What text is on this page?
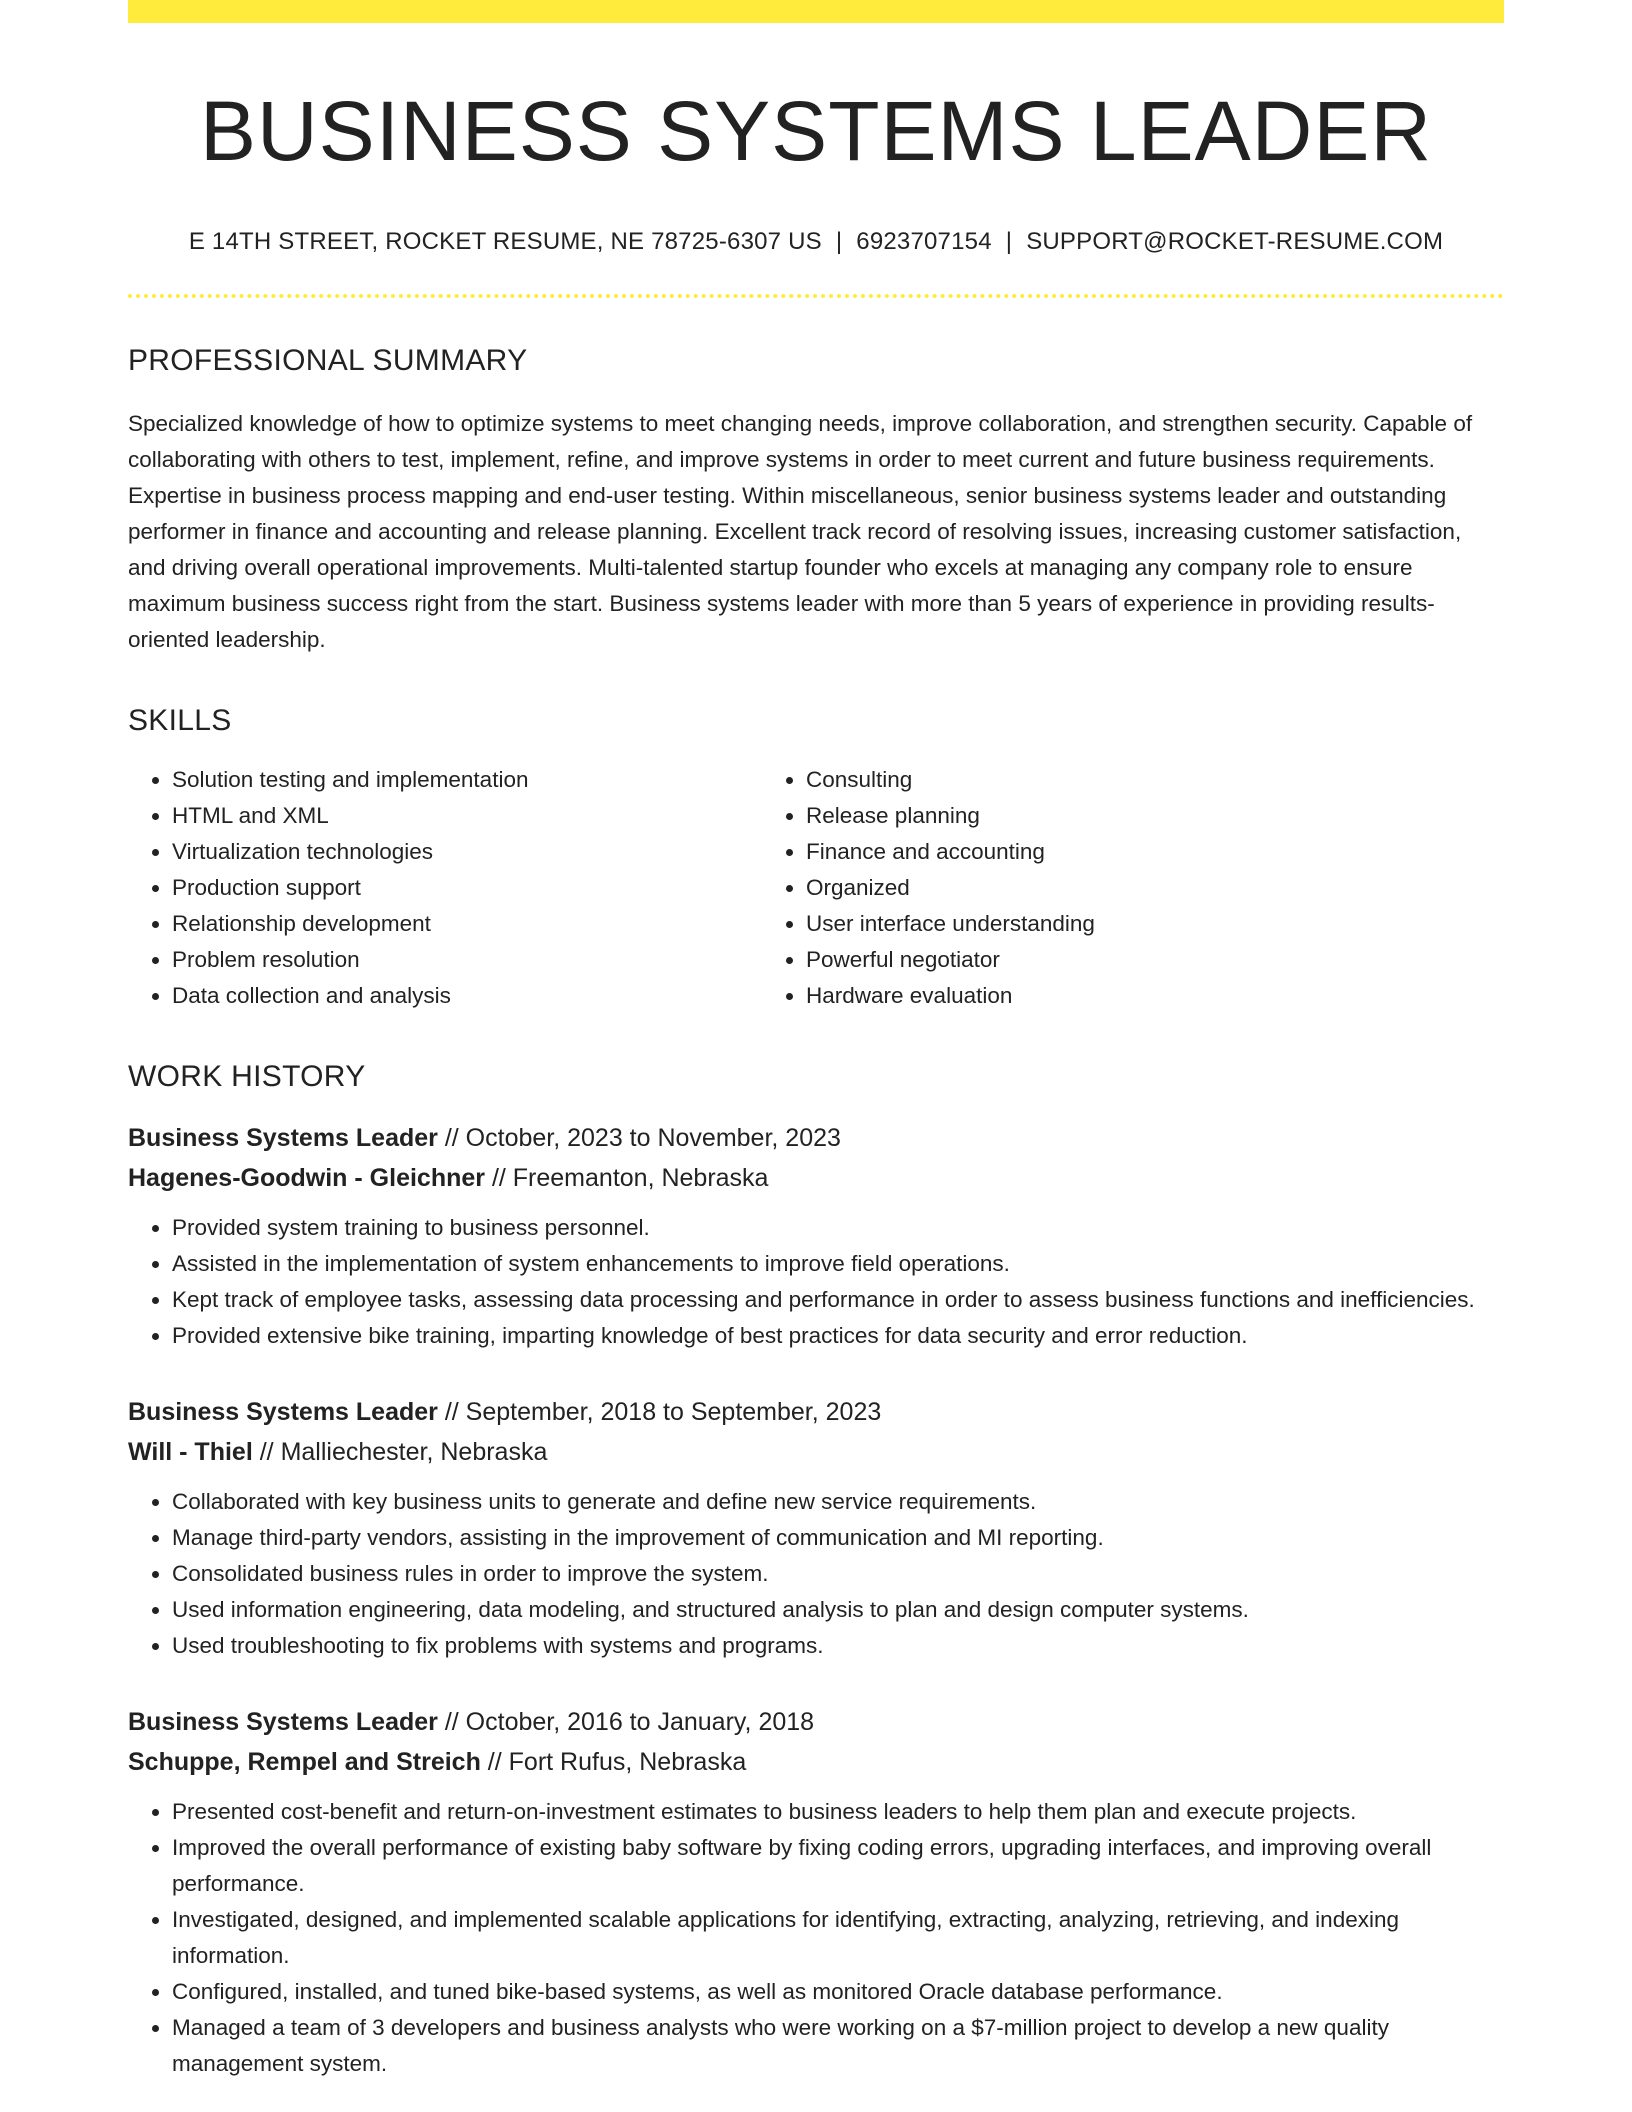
BUSINESS SYSTEMS LEADER
E 14TH STREET, ROCKET RESUME, NE 78725-6307 US | 6923707154 | SUPPORT@ROCKET-RESUME.COM
PROFESSIONAL SUMMARY

Specialized knowledge of how to optimize systems to meet changing needs, improve collaboration, and strengthen security. Capable of collaborating with others to test, implement, refine, and improve systems in order to meet current and future business requirements. Expertise in business process mapping and end-user testing. Within miscellaneous, senior business systems leader and outstanding performer in finance and accounting and release planning. Excellent track record of resolving issues, increasing customer satisfaction, and driving overall operational improvements. Multi-talented startup founder who excels at managing any company role to ensure maximum business success right from the start. Business systems leader with more than 5 years of experience in providing results-oriented leadership.

SKILLS
• Solution testing and implementation
• HTML and XML
• Virtualization technologies
• Production support
• Relationship development
• Problem resolution
• Data collection and analysis
• Consulting
• Release planning
• Finance and accounting
• Organized
• User interface understanding
• Powerful negotiator
• Hardware evaluation
WORK HISTORY
Business Systems Leader // October, 2023 to November, 2023
Hagenes-Goodwin - Gleichner // Freemanton, Nebraska
• Provided system training to business personnel.
• Assisted in the implementation of system enhancements to improve field operations.
• Kept track of employee tasks, assessing data processing and performance in order to assess business functions and inefficiencies.
• Provided extensive bike training, imparting knowledge of best practices for data security and error reduction.
Business Systems Leader // September, 2018 to September, 2023
Will - Thiel // Malliechester, Nebraska
• Collaborated with key business units to generate and define new service requirements.
• Manage third-party vendors, assisting in the improvement of communication and MI reporting.
• Consolidated business rules in order to improve the system.
• Used information engineering, data modeling, and structured analysis to plan and design computer systems.
• Used troubleshooting to fix problems with systems and programs.
Business Systems Leader // October, 2016 to January, 2018
Schuppe, Rempel and Streich // Fort Rufus, Nebraska
• Presented cost-benefit and return-on-investment estimates to business leaders to help them plan and execute projects.
• Improved the overall performance of existing baby software by fixing coding errors, upgrading interfaces, and improving overall performance.
• Investigated, designed, and implemented scalable applications for identifying, extracting, analyzing, retrieving, and indexing information.
• Configured, installed, and tuned bike-based systems, as well as monitored Oracle database performance.
• Managed a team of 3 developers and business analysts who were working on a $7-million project to develop a new quality management system.
